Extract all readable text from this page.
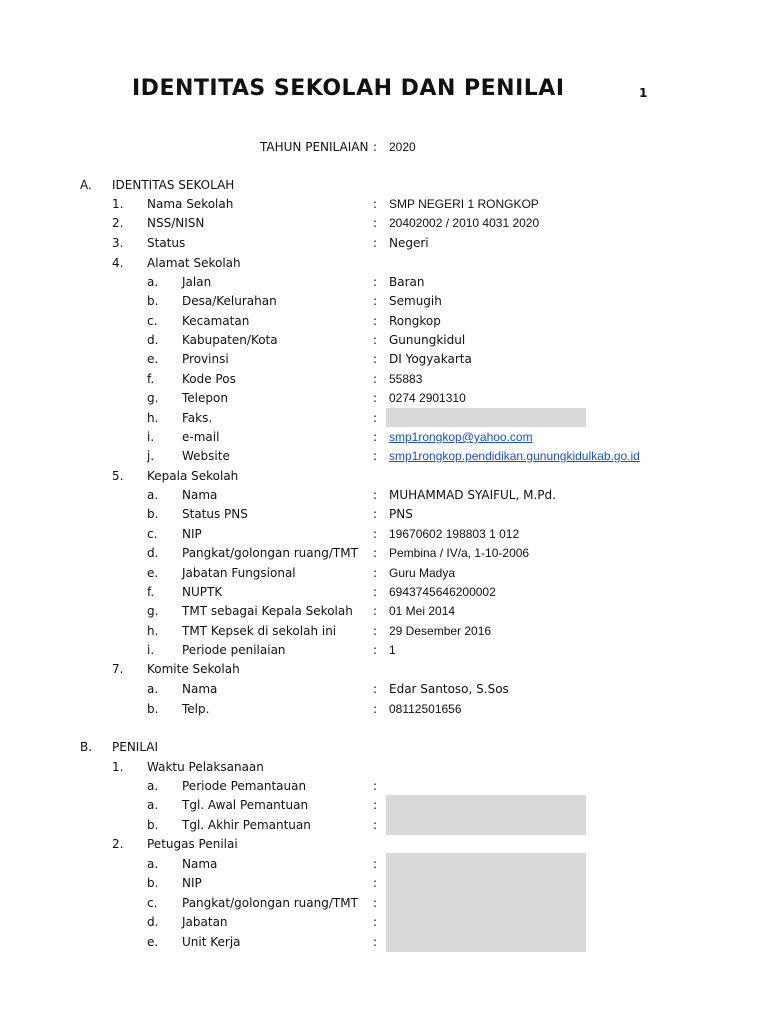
IDENTITAS SEKOLAH DAN PENILAI	1
TAHUN PENILAIAN : 2020
A. IDENTITAS SEKOLAH
1. Nama Sekolah	: SMP NEGERI 1 RONGKOP
2. NSS/NISN	: 20402002 / 2010 4031 2020
3. Status	: Negeri
4. Alamat Sekolah
a. Jalan	: Baran
b. Desa/Kelurahan	: Semugih
c. Kecamatan	: Rongkop
d. Kabupaten/Kota	: Gunungkidul
e. Provinsi	: DI Yogyakarta
f. Kode Pos	: 55883
g. Telepon	: 0274 2901310
h. Faks.	:
i. e-mail	: smp1rongkop@yahoo.com
j. Website	: smp1rongkop.pendidikan.gunungkidulkab.go.id
5. Kepala Sekolah
a. Nama	: MUHAMMAD SYAIFUL, M.Pd.
b. Status PNS	: PNS
c. NIP	: 19670602 198803 1 012
d. Pangkat/golongan ruang/TMT : Pembina / IV/a, 1-10-2006
e. Jabatan Fungsional	: Guru Madya
f. NUPTK	: 6943745646200002
g. TMT sebagai Kepala Sekolah : 01 Mei 2014
h. TMT Kepsek di sekolah ini	: 29 Desember 2016
i. Periode penilaian	: 1
7. Komite Sekolah
a. Nama	: Edar Santoso, S.Sos
b. Telp.	: 08112501656
B. PENILAI
1. Waktu Pelaksanaan
a. Periode Pemantauan	:
a. Tgl. Awal Pemantuan	:
b. Tgl. Akhir Pemantuan	:
2. Petugas Penilai
a. Nama	:
b. NIP	:
c. Pangkat/golongan ruang/TMT :
d. Jabatan	:
e. Unit Kerja	:
